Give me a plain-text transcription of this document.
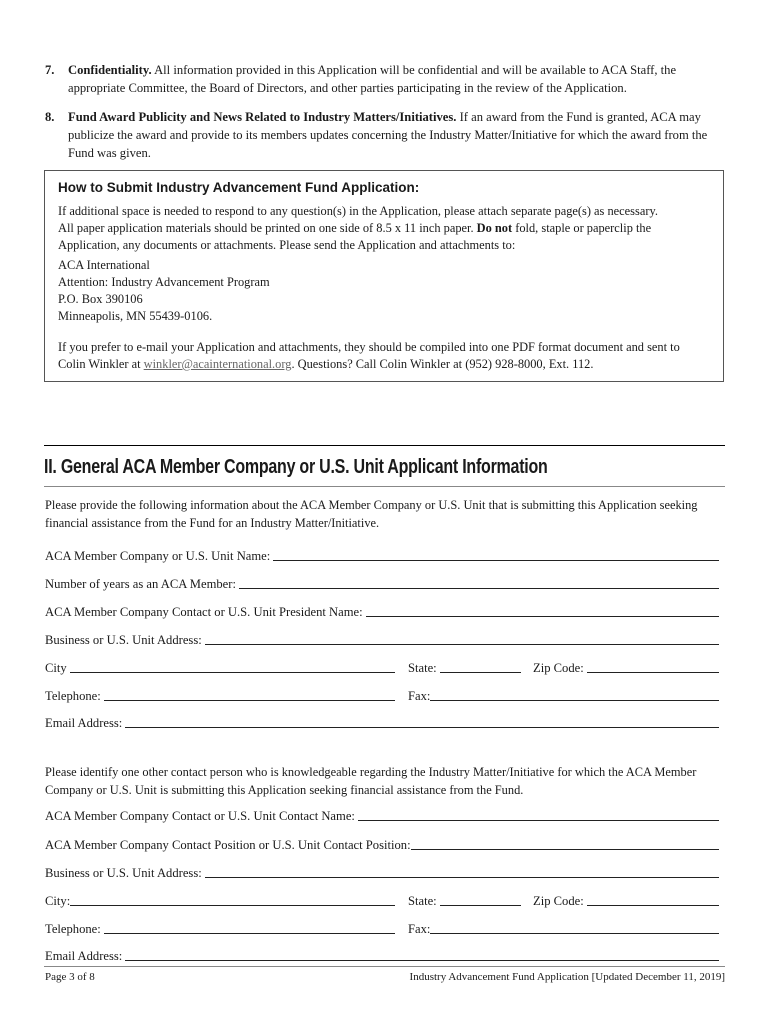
7. Confidentiality. All information provided in this Application will be confidential and will be available to ACA Staff, the appropriate Committee, the Board of Directors, and other parties participating in the review of the Application.
8. Fund Award Publicity and News Related to Industry Matters/Initiatives. If an award from the Fund is granted, ACA may publicize the award and provide to its members updates concerning the Industry Matter/Initiative for which the award from the Fund was given.
How to Submit Industry Advancement Fund Application:

If additional space is needed to respond to any question(s) in the Application, please attach separate page(s) as necessary.
All paper application materials should be printed on one side of 8.5 x 11 inch paper. Do not fold, staple or paperclip the Application, any documents or attachments. Please send the Application and attachments to:

ACA International
Attention: Industry Advancement Program
P.O. Box 390106
Minneapolis, MN 55439-0106.

If you prefer to e-mail your Application and attachments, they should be compiled into one PDF format document and sent to Colin Winkler at winkler@acainternational.org. Questions? Call Colin Winkler at (952) 928-8000, Ext. 112.

II. General ACA Member Company or U.S. Unit Applicant Information
Please provide the following information about the ACA Member Company or U.S. Unit that is submitting this Application seeking financial assistance from the Fund for an Industry Matter/Initiative.
ACA Member Company or U.S. Unit Name:
Number of years as an ACA Member:
ACA Member Company Contact or U.S. Unit President Name:
Business or U.S. Unit Address:
City	State:	Zip Code:
Telephone:	Fax:
Email Address:
Please identify one other contact person who is knowledgeable regarding the Industry Matter/Initiative for which the ACA Member Company or U.S. Unit is submitting this Application seeking financial assistance from the Fund.
ACA Member Company Contact or U.S. Unit Contact Name:
ACA Member Company Contact Position or U.S. Unit Contact Position:
Business or U.S. Unit Address:
City:	State:	Zip Code:
Telephone:	Fax:
Email Address:
Page 3 of 8	Industry Advancement Fund Application [Updated December 11, 2019]
